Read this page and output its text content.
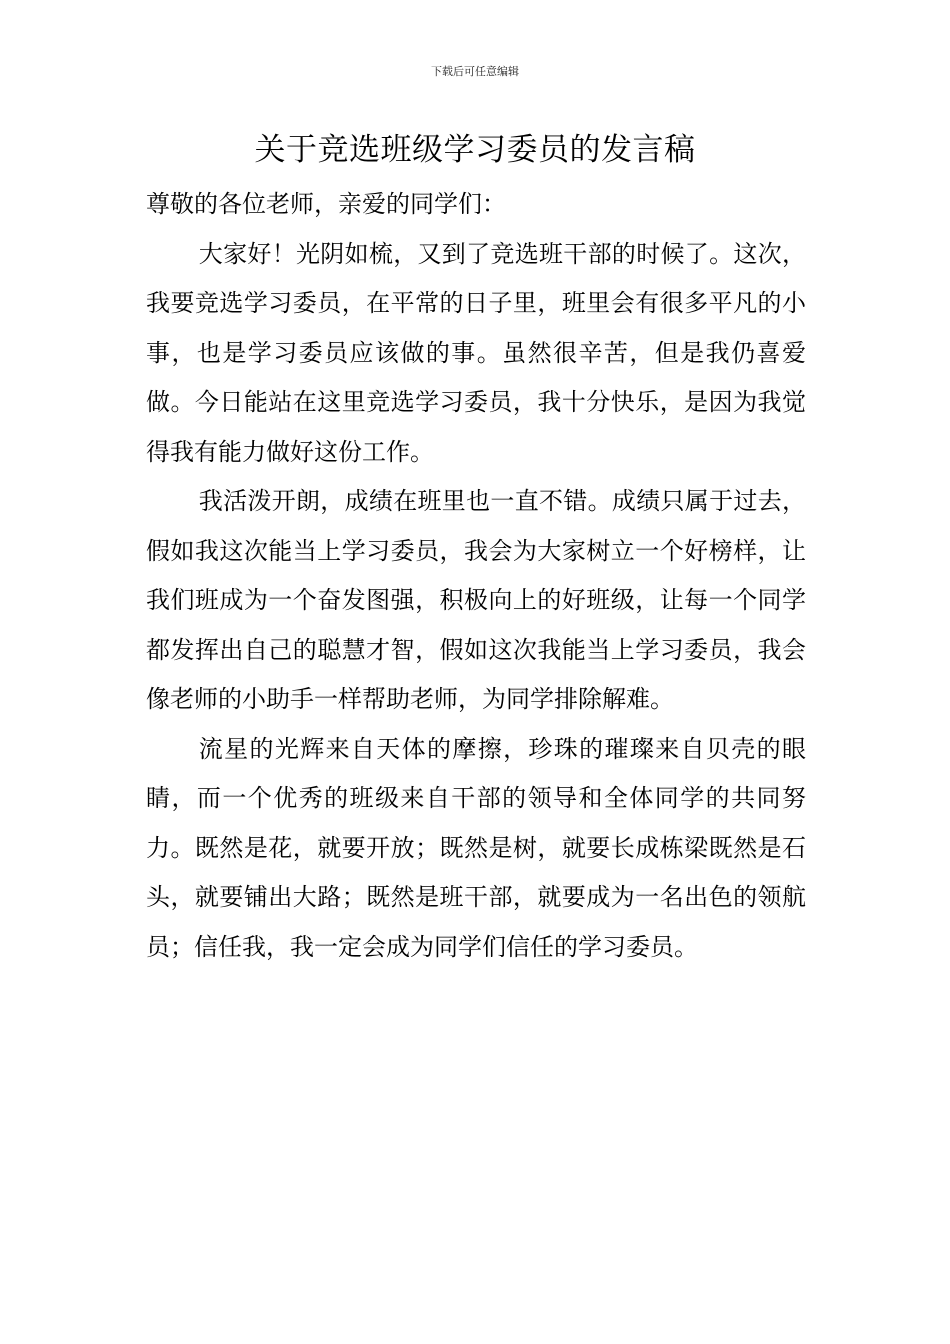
下载后可任意编辑
关于竞选班级学习委员的发言稿

尊敬的各位老师，亲爱的同学们：

大家好！光阴如梳，又到了竞选班干部的时候了。这次，我要竞选学习委员，在平常的日子里，班里会有很多平凡的小事，也是学习委员应该做的事。虽然很辛苦，但是我仍喜爱做。今日能站在这里竞选学习委员，我十分快乐，是因为我觉得我有能力做好这份工作。

我活泼开朗，成绩在班里也一直不错。成绩只属于过去，假如我这次能当上学习委员，我会为大家树立一个好榜样，让我们班成为一个奋发图强，积极向上的好班级，让每一个同学都发挥出自己的聪慧才智，假如这次我能当上学习委员，我会像老师的小助手一样帮助老师，为同学排除解难。

流星的光辉来自天体的摩擦，珍珠的璀璨来自贝壳的眼睛，而一个优秀的班级来自干部的领导和全体同学的共同努力。既然是花，就要开放；既然是树，就要长成栋梁既然是石头，就要铺出大路；既然是班干部，就要成为一名出色的领航员；信任我，我一定会成为同学们信任的学习委员。
